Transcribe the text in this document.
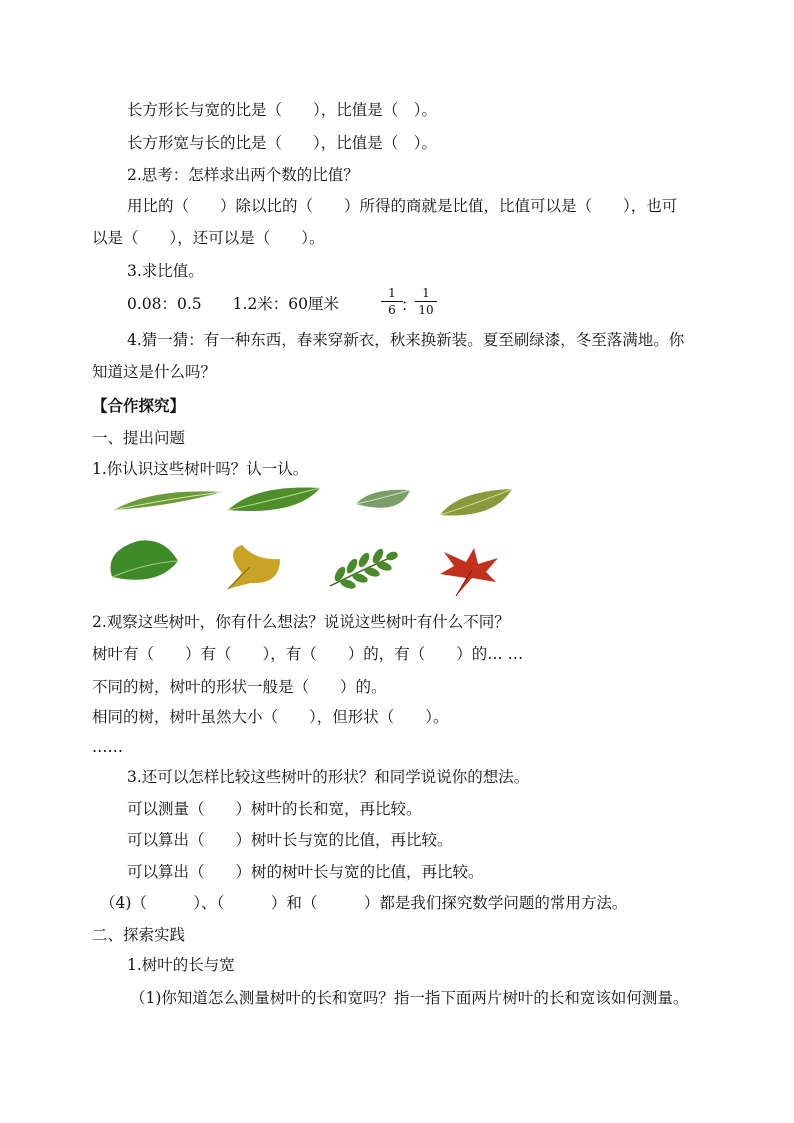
长方形长与宽的比是（　　），比值是（　）。
长方形宽与长的比是（　　），比值是（　）。
2.思考：怎样求出两个数的比值？
用比的（　　）除以比的（　　）所得的商就是比值，比值可以是（　　），也可
以是（　　），还可以是（　　）。
3.求比值。
0.08：0.5　　1.2米：60厘米
1
6 ：
1
10
4.猜一猜：有一种东西，春来穿新衣，秋来换新装。夏至刷绿漆，冬至落满地。你
知道这是什么吗？
【合作探究】
一、提出问题
1.你认识这些树叶吗？认一认。
2.观察这些树叶，你有什么想法？说说这些树叶有什么不同？
树叶有（　　）有（　　），有（　　）的，有（　　）的… …
不同的树，树叶的形状一般是（　　）的。
相同的树，树叶虽然大小（　　），但形状（　　）。
……
3.还可以怎样比较这些树叶的形状？和同学说说你的想法。
可以测量（　　）树叶的长和宽，再比较。
可以算出（　　）树叶长与宽的比值，再比较。
可以算出（　　）树的树叶长与宽的比值，再比较。
（4)（　　　）、（　　　）和（　　　）都是我们探究数学问题的常用方法。
二、探索实践
1.树叶的长与宽
（1)你知道怎么测量树叶的长和宽吗？指一指下面两片树叶的长和宽该如何测量。
